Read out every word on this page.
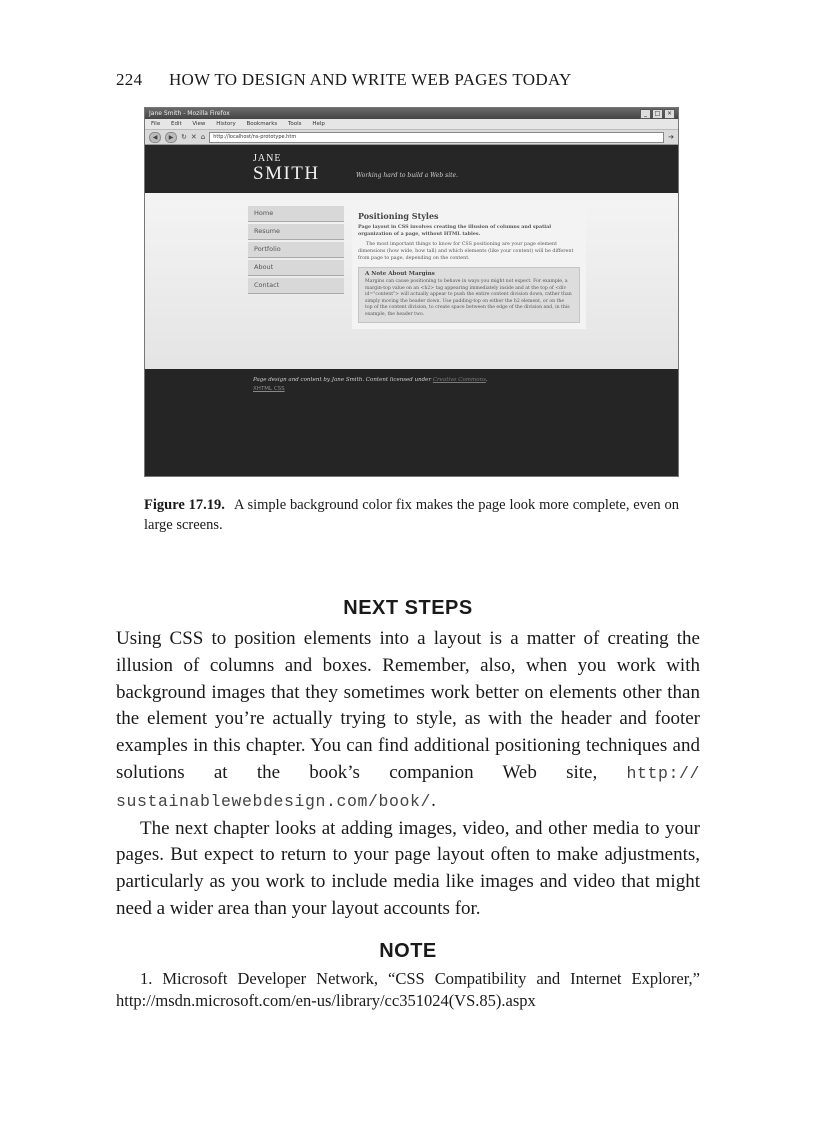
224 HOW TO DESIGN AND WRITE WEB PAGES TODAY
Jane Smith - Mozilla Firefox	_	□	×
File Edit View History Bookmarks Tools Help
◀	▶	↻ ✕ ⌂	http://localhost/ns-prototype.htm	➔
JANE
SMITH	Working hard to build a Web site.
Home
Resume
Portfolio
About
Contact
Positioning Styles

Page layout in CSS involves creating the illusion of columns and spatial organization of a page, without HTML tables.

The most important things to know for CSS positioning are your page element dimensions (how wide, how tall) and which elements (like your content) will be different from page to page, depending on the content.

A Note About Margins

Margins can cause positioning to behave in ways you might not expect. For example, a margin-top value on an <h2> tag appearing immediately inside and at the top of <div id="content"> will actually appear to push the entire content division down, rather than simply moving the header down. Use padding-top on either the h2 element, or on the top of the content division, to create space between the edge of the division and, in this example, the header two.

Page design and content by Jane Smith. Content licensed under Creative Commons.
XHTML CSS
Figure 17.19. A simple background color fix makes the page look more complete, even on large screens.
NEXT STEPS

Using CSS to position elements into a layout is a matter of creating the illusion of columns and boxes. Remember, also, when you work with background images that they sometimes work better on elements other than the element you’re actually trying to style, as with the header and footer examples in this chapter. You can find additional positioning techniques and solutions at the book’s companion Web site, http:// sustainablewebdesign.com/book/.

The next chapter looks at adding images, video, and other media to your pages. But expect to return to your page layout often to make adjustments, particularly as you work to include media like images and video that might need a wider area than your layout accounts for.

NOTE

1. Microsoft Developer Network, “CSS Compatibility and Internet Explorer,” http://msdn.microsoft.com/en-us/library/cc351024(VS.85).aspx
